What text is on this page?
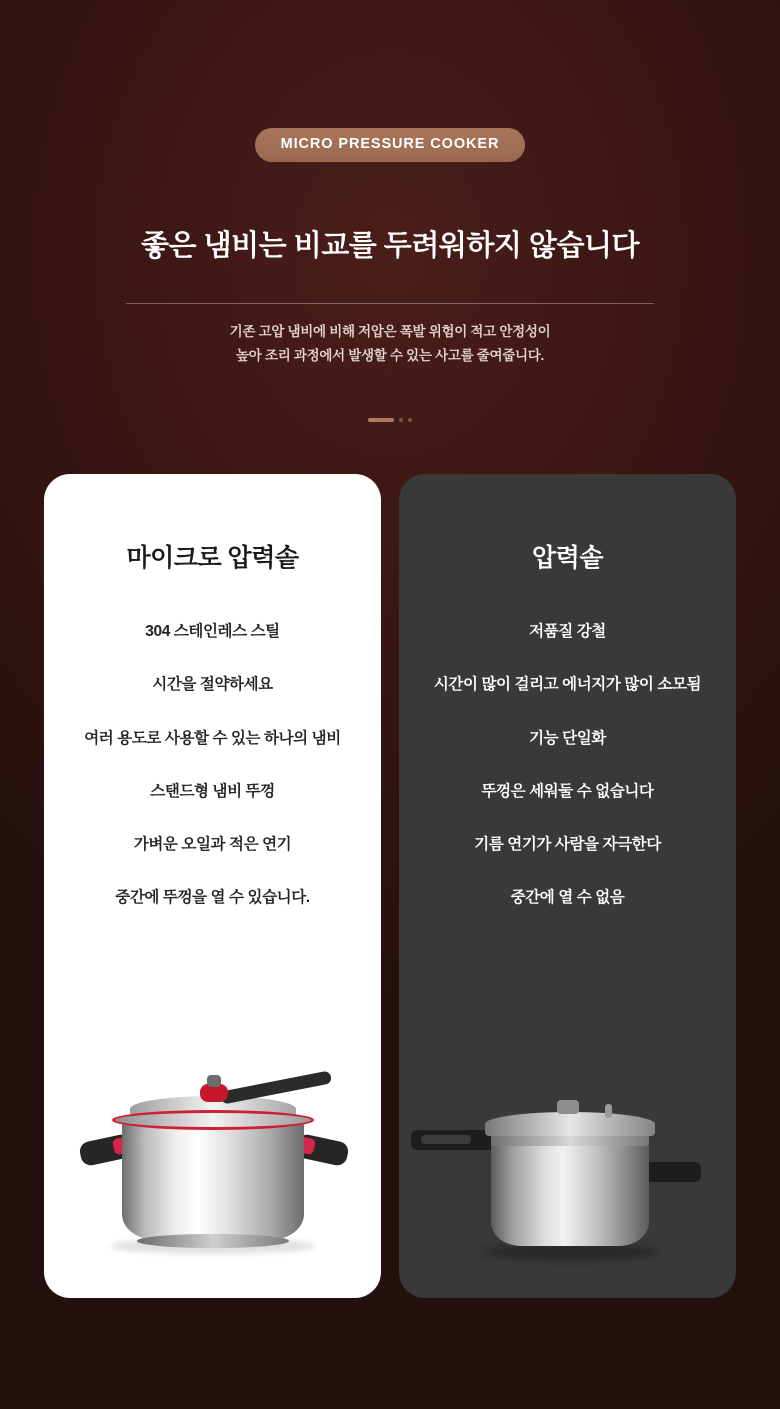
MICRO PRESSURE COOKER
좋은 냄비는 비교를 두려워하지 않습니다
기존 고압 냄비에 비해 저압은 폭발 위험이 적고 안정성이
높아 조리 과정에서 발생할 수 있는 사고를 줄여줍니다.
마이크로 압력솥
304 스테인레스 스틸
시간을 절약하세요
여러 용도로 사용할 수 있는 하나의 냄비
스탠드형 냄비 뚜껑
가벼운 오일과 적은 연기
중간에 뚜껑을 열 수 있습니다.
압력솥
저품질 강철
시간이 많이 걸리고 에너지가 많이 소모됨
기능 단일화
뚜껑은 세워둘 수 없습니다
기름 연기가 사람을 자극한다
중간에 열 수 없음
